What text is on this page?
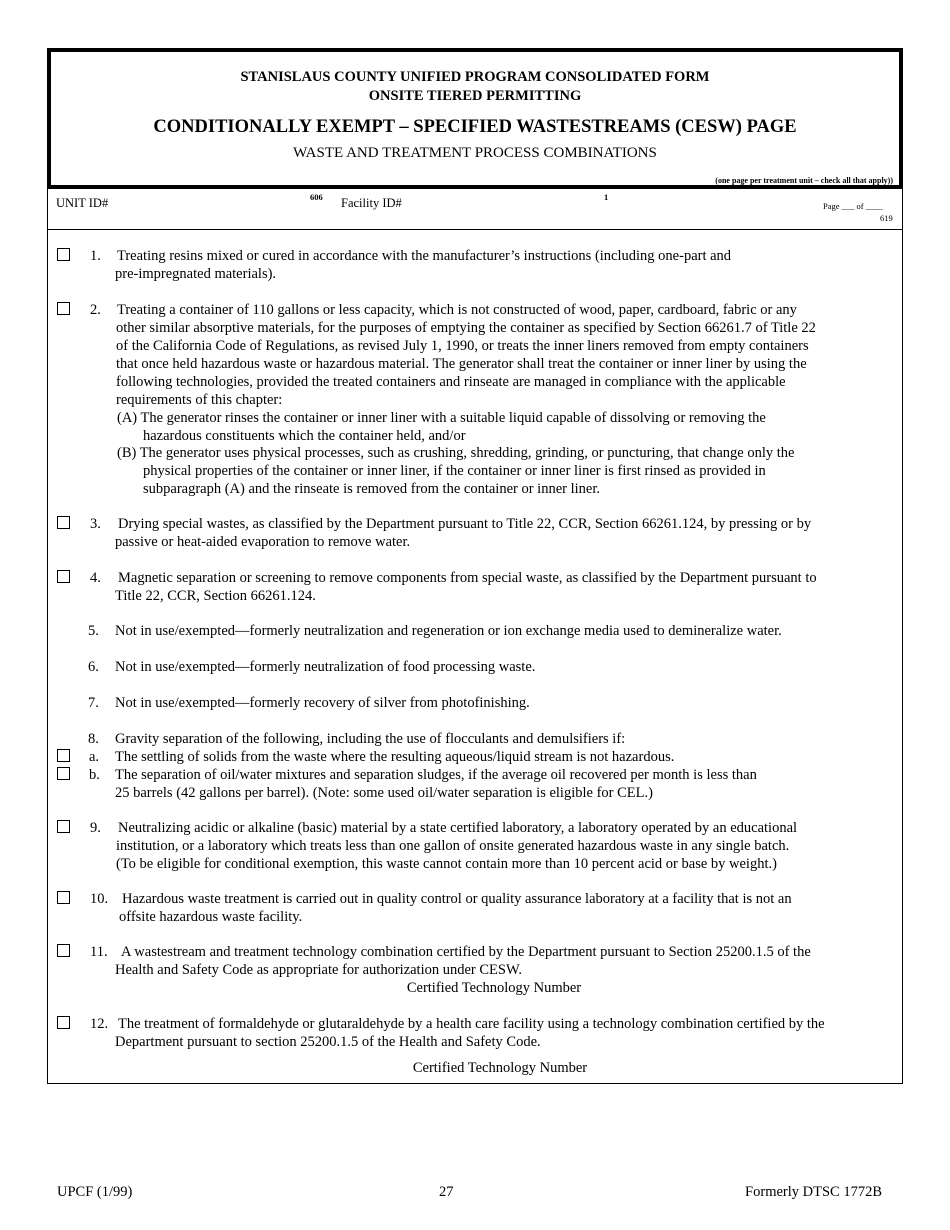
STANISLAUS COUNTY UNIFIED PROGRAM CONSOLIDATED FORM
ONSITE TIERED PERMITTING
CONDITIONALLY EXEMPT – SPECIFIED WASTESTREAMS (CESW) PAGE
WASTE AND TREATMENT PROCESS COMBINATIONS
(one page per treatment unit – check all that apply))
UNIT ID#	606 Facility ID#	1
Page ___ of ____
619
1. Treating resins mixed or cured in accordance with the manufacturer’s instructions (including one-part and
pre-impregnated materials).
2. Treating a container of 110 gallons or less capacity, which is not constructed of wood, paper, cardboard, fabric or any
other similar absorptive materials, for the purposes of emptying the container as specified by Section 66261.7 of Title 22
of the California Code of Regulations, as revised July 1, 1990, or treats the inner liners removed from empty containers
that once held hazardous waste or hazardous material. The generator shall treat the container or inner liner by using the
following technologies, provided the treated containers and rinseate are managed in compliance with the applicable
requirements of this chapter:
(A) The generator rinses the container or inner liner with a suitable liquid capable of dissolving or removing the
hazardous constituents which the container held, and/or
(B) The generator uses physical processes, such as crushing, shredding, grinding, or puncturing, that change only the
physical properties of the container or inner liner, if the container or inner liner is first rinsed as provided in
subparagraph (A) and the rinseate is removed from the container or inner liner.
3. Drying special wastes, as classified by the Department pursuant to Title 22, CCR, Section 66261.124, by pressing or by
passive or heat-aided evaporation to remove water.
4. Magnetic separation or screening to remove components from special waste, as classified by the Department pursuant to
Title 22, CCR, Section 66261.124.
5. Not in use/exempted—formerly neutralization and regeneration or ion exchange media used to demineralize water.
6. Not in use/exempted—formerly neutralization of food processing waste.
7. Not in use/exempted—formerly recovery of silver from photofinishing.
8. Gravity separation of the following, including the use of flocculants and demulsifiers if:
a. The settling of solids from the waste where the resulting aqueous/liquid stream is not hazardous.
b. The separation of oil/water mixtures and separation sludges, if the average oil recovered per month is less than
25 barrels (42 gallons per barrel). (Note: some used oil/water separation is eligible for CEL.)
9. Neutralizing acidic or alkaline (basic) material by a state certified laboratory, a laboratory operated by an educational
institution, or a laboratory which treats less than one gallon of onsite generated hazardous waste in any single batch.
(To be eligible for conditional exemption, this waste cannot contain more than 10 percent acid or base by weight.)
10. Hazardous waste treatment is carried out in quality control or quality assurance laboratory at a facility that is not an
offsite hazardous waste facility.
11. A wastestream and treatment technology combination certified by the Department pursuant to Section 25200.1.5 of the
Health and Safety Code as appropriate for authorization under CESW.
Certified Technology Number
12. The treatment of formaldehyde or glutaraldehyde by a health care facility using a technology combination certified by the
Department pursuant to section 25200.1.5 of the Health and Safety Code.
Certified Technology Number
UPCF (1/99)	27	Formerly DTSC 1772B
